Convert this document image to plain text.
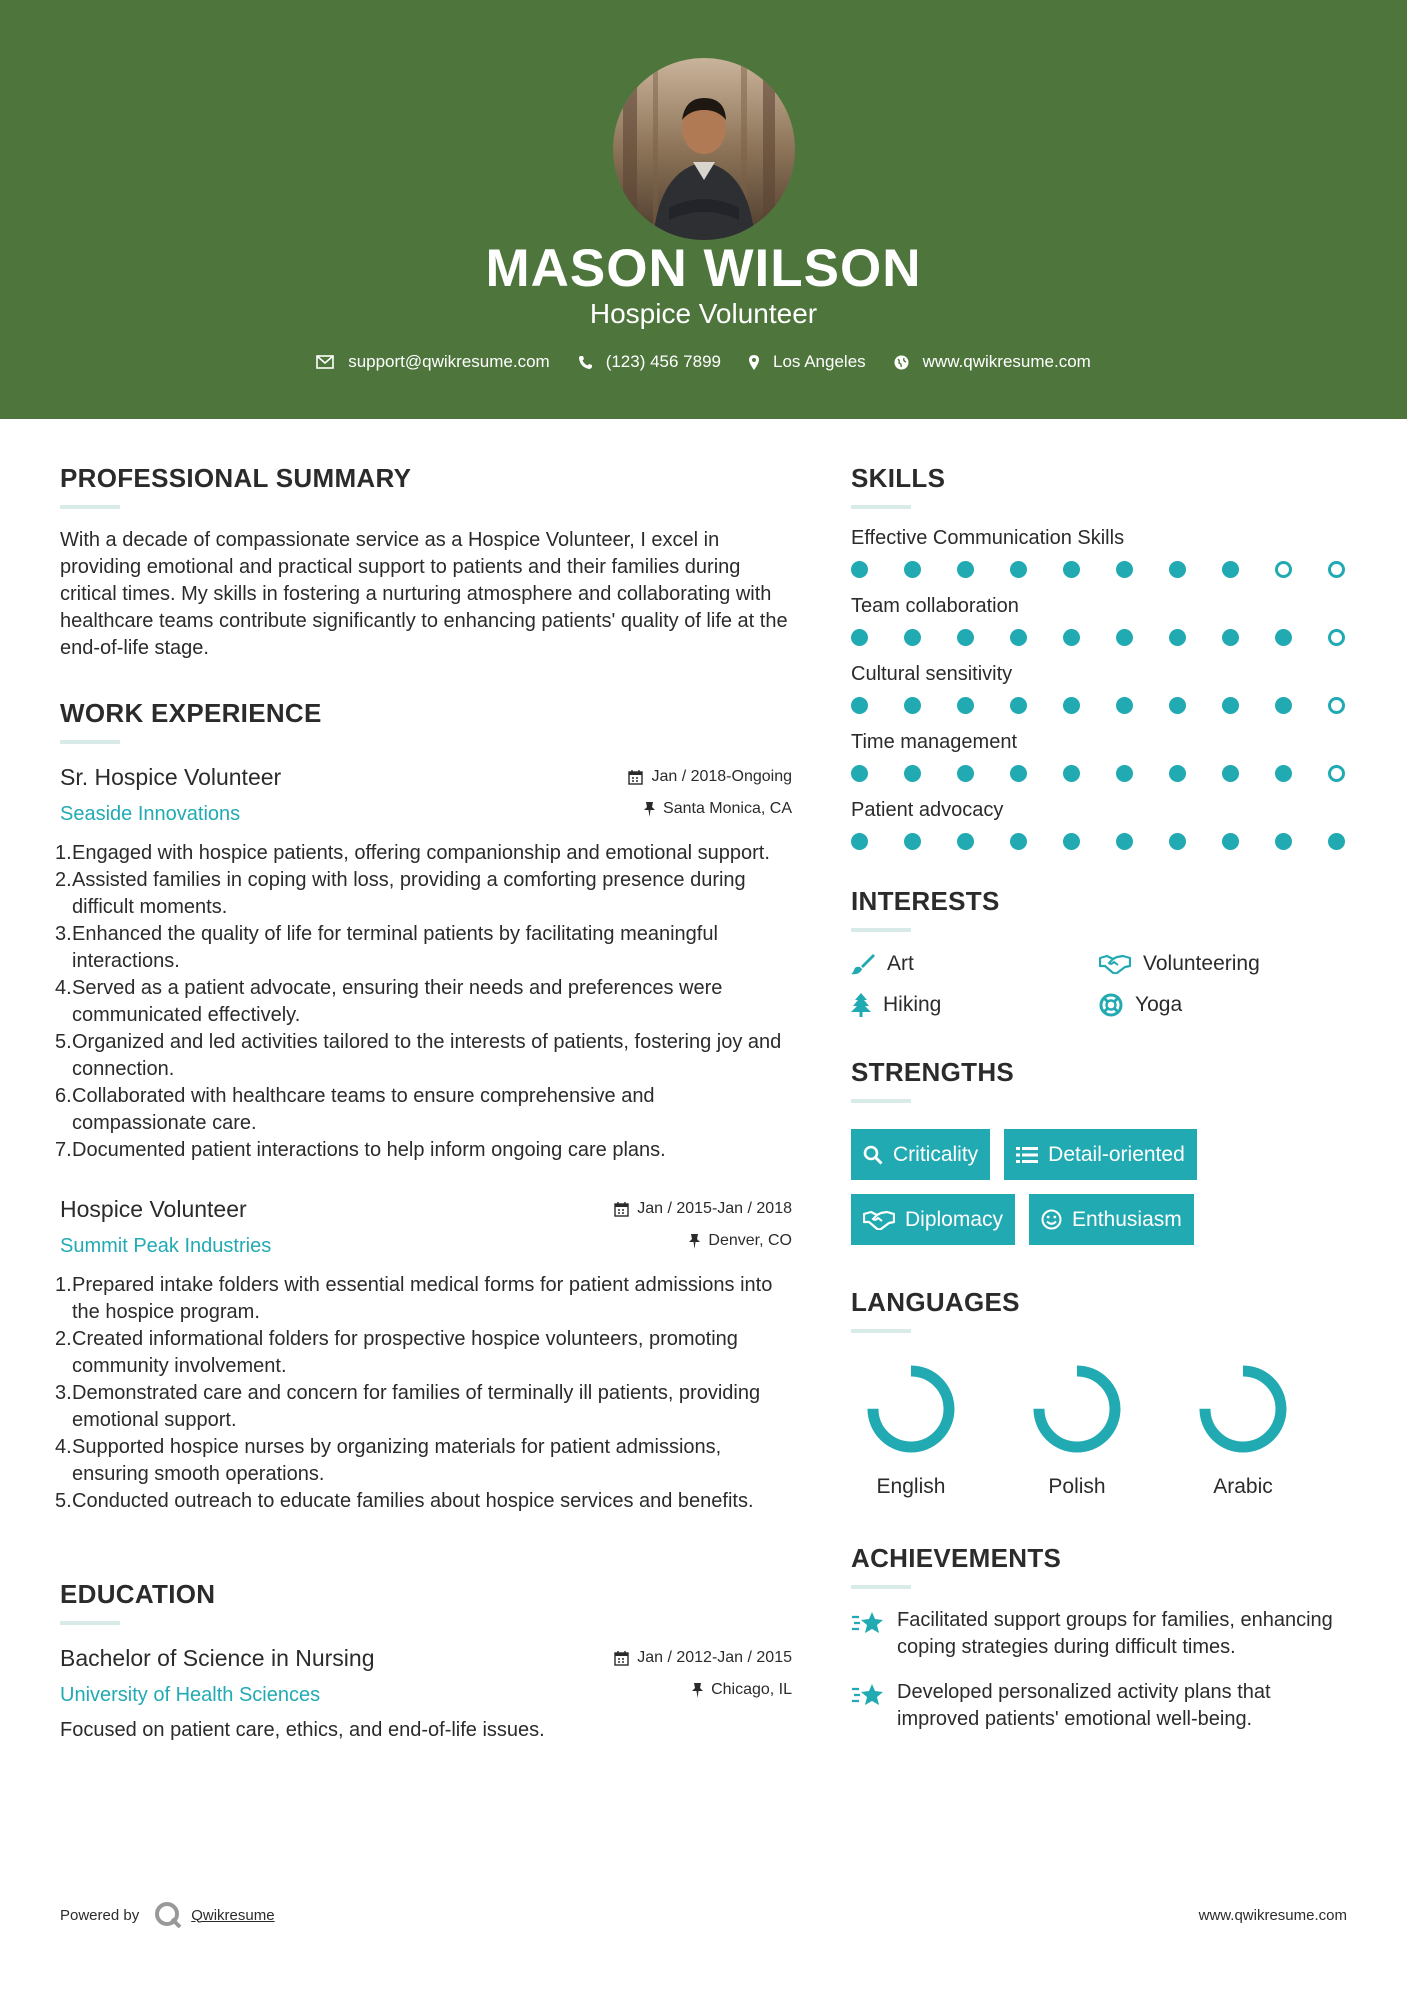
MASON WILSON
Hospice Volunteer
support@qwikresume.com	(123) 456 7899	Los Angeles	www.qwikresume.com
PROFESSIONAL SUMMARY
With a decade of compassionate service as a Hospice Volunteer, I excel in providing emotional and practical support to patients and their families during critical times. My skills in fostering a nurturing atmosphere and collaborating with healthcare teams contribute significantly to enhancing patients' quality of life at the end-of-life stage.
WORK EXPERIENCE
Sr. Hospice Volunteer	Jan / 2018-Ongoing
Seaside Innovations	Santa Monica, CA
1. Engaged with hospice patients, offering companionship and emotional support.
2. Assisted families in coping with loss, providing a comforting presence during difficult moments.
3. Enhanced the quality of life for terminal patients by facilitating meaningful interactions.
4. Served as a patient advocate, ensuring their needs and preferences were communicated effectively.
5. Organized and led activities tailored to the interests of patients, fostering joy and connection.
6. Collaborated with healthcare teams to ensure comprehensive and compassionate care.
7. Documented patient interactions to help inform ongoing care plans.
Hospice Volunteer	Jan / 2015-Jan / 2018
Summit Peak Industries	Denver, CO
1. Prepared intake folders with essential medical forms for patient admissions into the hospice program.
2. Created informational folders for prospective hospice volunteers, promoting community involvement.
3. Demonstrated care and concern for families of terminally ill patients, providing emotional support.
4. Supported hospice nurses by organizing materials for patient admissions, ensuring smooth operations.
5. Conducted outreach to educate families about hospice services and benefits.
EDUCATION
Bachelor of Science in Nursing	Jan / 2012-Jan / 2015
University of Health Sciences	Chicago, IL
Focused on patient care, ethics, and end-of-life issues.
SKILLS
Effective Communication Skills
Team collaboration
Cultural sensitivity
Time management
Patient advocacy
INTERESTS
Art	Volunteering
Hiking	Yoga
STRENGTHS
Criticality	Detail-oriented
Diplomacy	Enthusiasm
LANGUAGES
English	Polish	Arabic
ACHIEVEMENTS
Facilitated support groups for families, enhancing coping strategies during difficult times.
Developed personalized activity plans that improved patients' emotional well-being.
Powered by	Qwikresume	www.qwikresume.com
